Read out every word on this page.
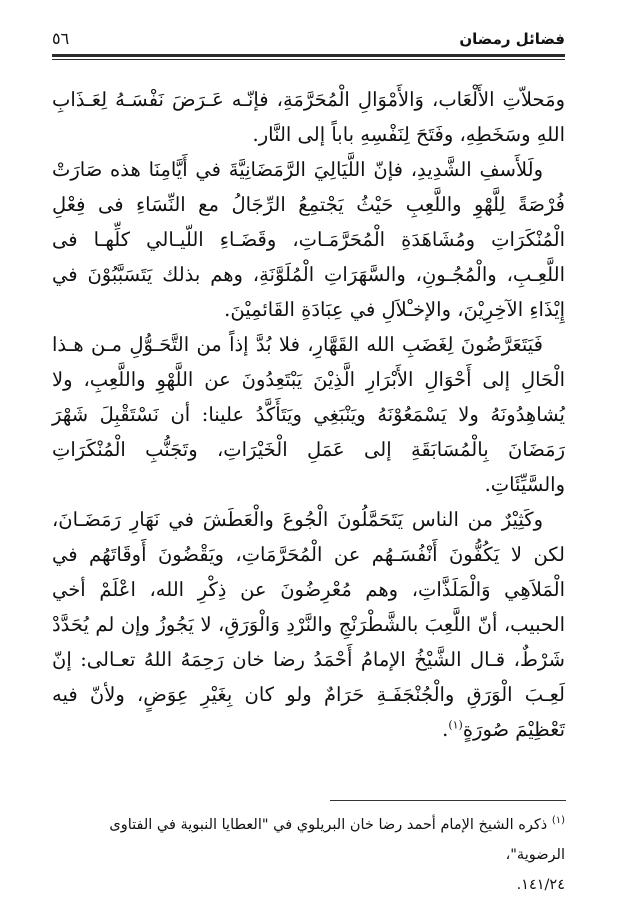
فضائل رمضان
٥٦

ومَحلاّتِ الأَلْعَاب، وَالأَمْوَالِ الْمُحَرَّمَةِ، فإنّـه عَـرَضَ نَفْسَـهُ لِعَـذَابِ اللهِ وسَخَطِهِ، وفَتَحَ لِنَفْسِهِ باباً إلى النَّار.

ولَلأَسفِ الشَّدِيدِ، فإنّ اللَّيَالِيَ الرَّمَضَانِيَّةَ في أَيَّامِنَا هذه صَارَتْ فُرْصَةً لِلَّهْوِ واللَّعِبِ حَيْثُ يَجْتمِعُ الرِّجَالُ مع النِّسَاءِ فى فِعْلِ الْمُنْكَرَاتِ ومُشَاهَدَةِ الْمُحَرَّمَـاتِ، وقَضَـاءِ اللّيـالي كلِّهـا فى اللَّعِـبِ، والْمُجُـونِ، والسَّهَرَاتِ الْمُلَوَّنَةِ، وهم بذلك يَتَسَبَّبُوْنَ في إِيْذَاءِ الآخِرِيْنَ، والإخـْلاَلِ في عِبَادَةِ القَائمِيْنَ.

فَيَتَعَرَّضُونَ لِغَضَبِ الله القَهَّارِ، فلا بُدَّ إذاً من التَّحَـوُّلِ مـن هـذا الْحَالِ إلى أَحْوَالِ الأَبْرَارِ الَّذِيْنَ يَبْتَعِدُونَ عن اللَّهْوِ واللَّعِبِ، ولا يُشاهِدُونَهُ ولا يَسْمَعُوْنَهُ ويَنْبَغِي ويَتَأَكَّدُ علينا: أن نَسْتَقْبِلَ شَهْرَ رَمَضَانَ بِالْمُسَابَقَةِ إلى عَمَلِ الْخَيْرَاتِ، وتَجَنُّبِ الْمُنْكَرَاتِ والسَّيِّئَاتِ.

وكَثِيْرٌ من الناس يَتَحَمَّلُونَ الْجُوعَ والْعَطَشَ في نَهَارِ رَمَضَـانَ، لكن لا يَكُفُّونَ أَنْفُسَـهُم عن الْمُحَرَّمَاتِ، ويَقْضُونَ أَوقَاتَهُم في الْمَلاَهِي وَالْمَلَذَّاتِ، وهم مُعْرِضُونَ عن ذِكْرِ الله، اعْلَمْ أخي الحبيب، أنّ اللَّعِبَ بالشَّطْرَنْجِ والنَّرْدِ وَالْوَرَقِ، لا يَجُوزُ وإن لم يُحَدَّدْ شَرْطٌ، قـال الشَّيْخُ الإمامُ أَحْمَدُ رضا خان رَحِمَهُ اللهُ تعـالى: إنّ لَعِـبَ الْوَرَقِ والْجُنْجَفَـةِ حَرَامٌ ولو كان بِغَيْرِ عِوَضٍ، ولأنّ فيه تَعْظِيْمَ صُورَةٍ$^{(١)}$.

$^{(١)}$ ذكره الشيخ الإمام أحمد رضا خان البريلوي في "العطايا النبوية في الفتاوى الرضوية"،

١٤١/٢٤.
